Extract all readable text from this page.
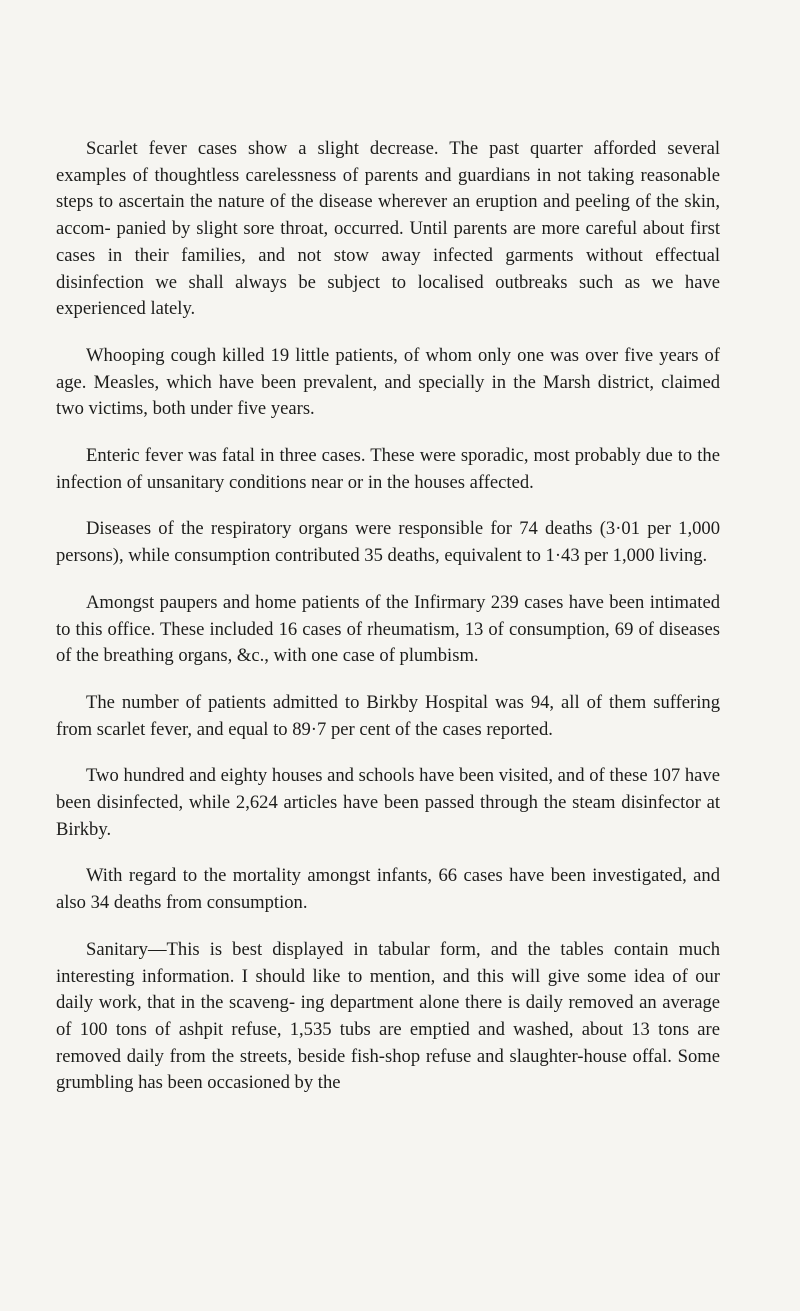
Scarlet fever cases show a slight decrease. The past quarter afforded several examples of thoughtless carelessness of parents and guardians in not taking reasonable steps to ascertain the nature of the disease wherever an eruption and peeling of the skin, accom- panied by slight sore throat, occurred. Until parents are more careful about first cases in their families, and not stow away infected garments without effectual disinfection we shall always be subject to localised outbreaks such as we have experienced lately.

Whooping cough killed 19 little patients, of whom only one was over five years of age. Measles, which have been prevalent, and specially in the Marsh district, claimed two victims, both under five years.

Enteric fever was fatal in three cases. These were sporadic, most probably due to the infection of unsanitary conditions near or in the houses affected.

Diseases of the respiratory organs were responsible for 74 deaths (3·01 per 1,000 persons), while consumption contributed 35 deaths, equivalent to 1·43 per 1,000 living.

Amongst paupers and home patients of the Infirmary 239 cases have been intimated to this office. These included 16 cases of rheumatism, 13 of consumption, 69 of diseases of the breathing organs, &c., with one case of plumbism.

The number of patients admitted to Birkby Hospital was 94, all of them suffering from scarlet fever, and equal to 89·7 per cent of the cases reported.

Two hundred and eighty houses and schools have been visited, and of these 107 have been disinfected, while 2,624 articles have been passed through the steam disinfector at Birkby.

With regard to the mortality amongst infants, 66 cases have been investigated, and also 34 deaths from consumption.

Sanitary—This is best displayed in tabular form, and the tables contain much interesting information. I should like to mention, and this will give some idea of our daily work, that in the scaveng- ing department alone there is daily removed an average of 100 tons of ashpit refuse, 1,535 tubs are emptied and washed, about 13 tons are removed daily from the streets, beside fish-shop refuse and slaughter-house offal. Some grumbling has been occasioned by the
